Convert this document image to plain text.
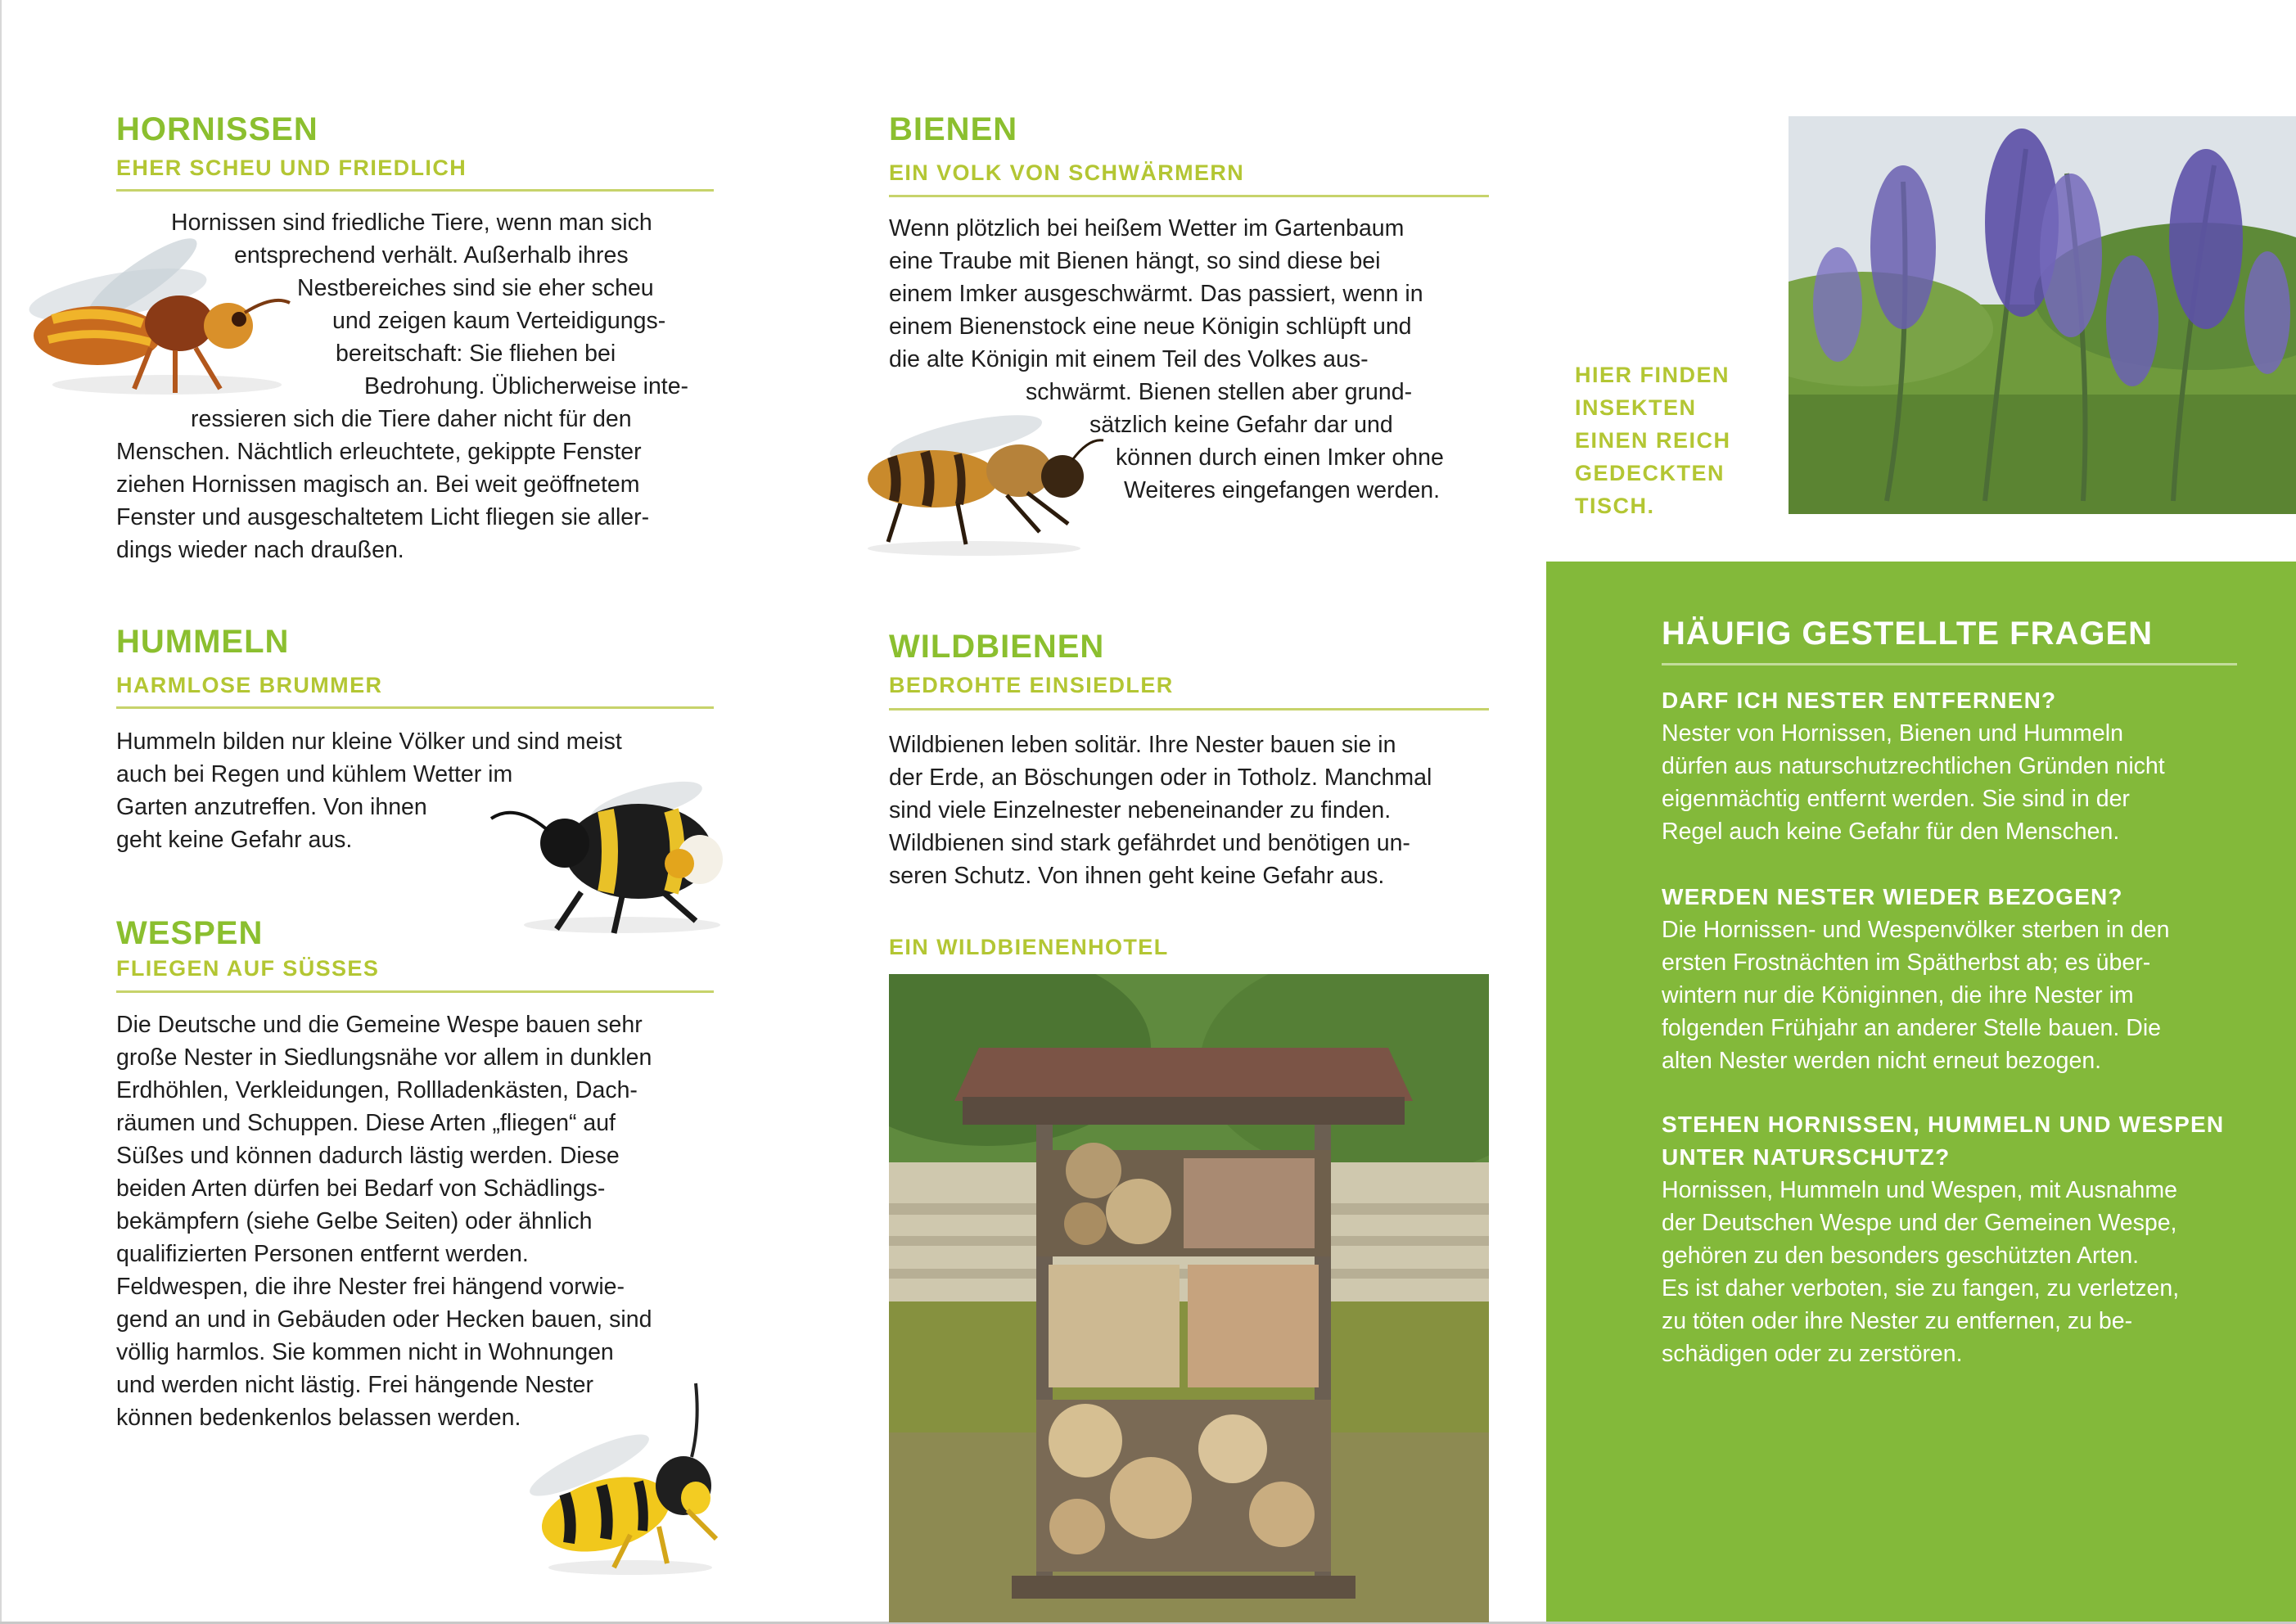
HORNISSEN
EHER SCHEU UND FRIEDLICH

Hornissen sind friedliche Tiere, wenn man sich
entsprechend verhält. Außerhalb ihres
Nestbereiches sind sie eher scheu
und zeigen kaum Verteidigungs-
bereitschaft: Sie fliehen bei
Bedrohung. Üblicherweise inte-
ressieren sich die Tiere daher nicht für den
Menschen. Nächtlich erleuchtete, gekippte Fenster
ziehen Hornissen magisch an. Bei weit geöffnetem
Fenster und ausgeschaltetem Licht fliegen sie aller-
dings wieder nach draußen.

HUMMELN
HARMLOSE BRUMMER

Hummeln bilden nur kleine Völker und sind meist
auch bei Regen und kühlem Wetter im
Garten anzutreffen. Von ihnen
geht keine Gefahr aus.

WESPEN
FLIEGEN AUF SÜSSES

Die Deutsche und die Gemeine Wespe bauen sehr
große Nester in Siedlungsnähe vor allem in dunklen
Erdhöhlen, Verkleidungen, Rollladenkästen, Dach-
räumen und Schuppen. Diese Arten „fliegen“ auf
Süßes und können dadurch lästig werden. Diese
beiden Arten dürfen bei Bedarf von Schädlings-
bekämpfern (siehe Gelbe Seiten) oder ähnlich
qualifizierten Personen entfernt werden.
Feldwespen, die ihre Nester frei hängend vorwie-
gend an und in Gebäuden oder Hecken bauen, sind
völlig harmlos. Sie kommen nicht in Wohnungen
und werden nicht lästig. Frei hängende Nester
können bedenkenlos belassen werden.

BIENEN
EIN VOLK VON SCHWÄRMERN

Wenn plötzlich bei heißem Wetter im Gartenbaum
eine Traube mit Bienen hängt, so sind diese bei
einem Imker ausgeschwärmt. Das passiert, wenn in
einem Bienenstock eine neue Königin schlüpft und
die alte Königin mit einem Teil des Volkes aus-
schwärmt. Bienen stellen aber grund-
sätzlich keine Gefahr dar und
können durch einen Imker ohne
Weiteres eingefangen werden.

WILDBIENEN
BEDROHTE EINSIEDLER

Wildbienen leben solitär. Ihre Nester bauen sie in
der Erde, an Böschungen oder in Totholz. Manchmal
sind viele Einzelnester nebeneinander zu finden.
Wildbienen sind stark gefährdet und benötigen un-
seren Schutz. Von ihnen geht keine Gefahr aus.

EIN WILDBIENENHOTEL

HIER FINDEN
INSEKTEN
EINEN REICH
GEDECKTEN
TISCH.

HÄUFIG GESTELLTE FRAGEN

DARF ICH NESTER ENTFERNEN?

Nester von Hornissen, Bienen und Hummeln
dürfen aus naturschutzrechtlichen Gründen nicht
eigenmächtig entfernt werden. Sie sind in der
Regel auch keine Gefahr für den Menschen.

WERDEN NESTER WIEDER BEZOGEN?

Die Hornissen- und Wespenvölker sterben in den
ersten Frostnächten im Spätherbst ab; es über-
wintern nur die Königinnen, die ihre Nester im
folgenden Frühjahr an anderer Stelle bauen. Die
alten Nester werden nicht erneut bezogen.

STEHEN HORNISSEN, HUMMELN UND WESPEN
UNTER NATURSCHUTZ?

Hornissen, Hummeln und Wespen, mit Ausnahme
der Deutschen Wespe und der Gemeinen Wespe,
gehören zu den besonders geschützten Arten.
Es ist daher verboten, sie zu fangen, zu verletzen,
zu töten oder ihre Nester zu entfernen, zu be-
schädigen oder zu zerstören.
